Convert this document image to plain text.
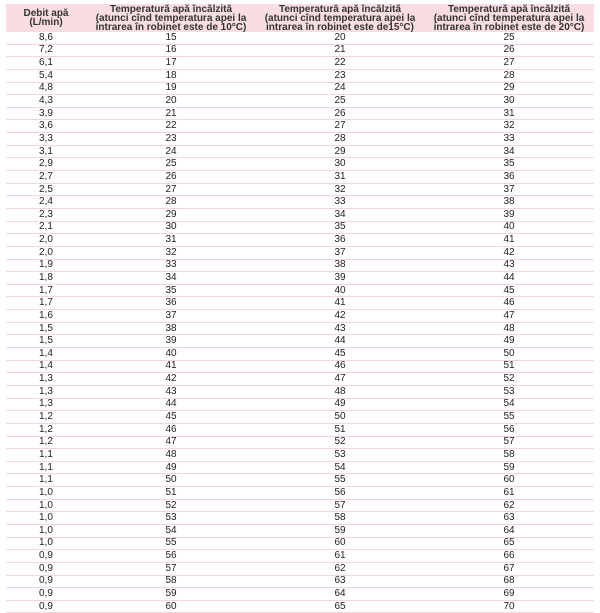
Debit apă
(L/min)	Temperatură apă încălzită
(atunci cînd temperatura apei la
intrarea în robinet este de 10°C)	Temperatură apă încălzită
(atunci cînd temperatura apei la
intrarea în robinet este de15°C)	Temperatură apă încălzită
(atunci cînd temperatura apei la
intrarea în robinet este de 20°C)

8,6	15	20	25
7,2	16	21	26
6,1	17	22	27
5,4	18	23	28
4,8	19	24	29
4,3	20	25	30
3,9	21	26	31
3,6	22	27	32
3,3	23	28	33
3,1	24	29	34
2,9	25	30	35
2,7	26	31	36
2,5	27	32	37
2,4	28	33	38
2,3	29	34	39
2,1	30	35	40
2,0	31	36	41
2,0	32	37	42
1,9	33	38	43
1,8	34	39	44
1,7	35	40	45
1,7	36	41	46
1,6	37	42	47
1,5	38	43	48
1,5	39	44	49
1,4	40	45	50
1,4	41	46	51
1,3	42	47	52
1,3	43	48	53
1,3	44	49	54
1,2	45	50	55
1,2	46	51	56
1,2	47	52	57
1,1	48	53	58
1,1	49	54	59
1,1	50	55	60
1,0	51	56	61
1,0	52	57	62
1,0	53	58	63
1,0	54	59	64
1,0	55	60	65
0,9	56	61	66
0,9	57	62	67
0,9	58	63	68
0,9	59	64	69
0,9	60	65	70
